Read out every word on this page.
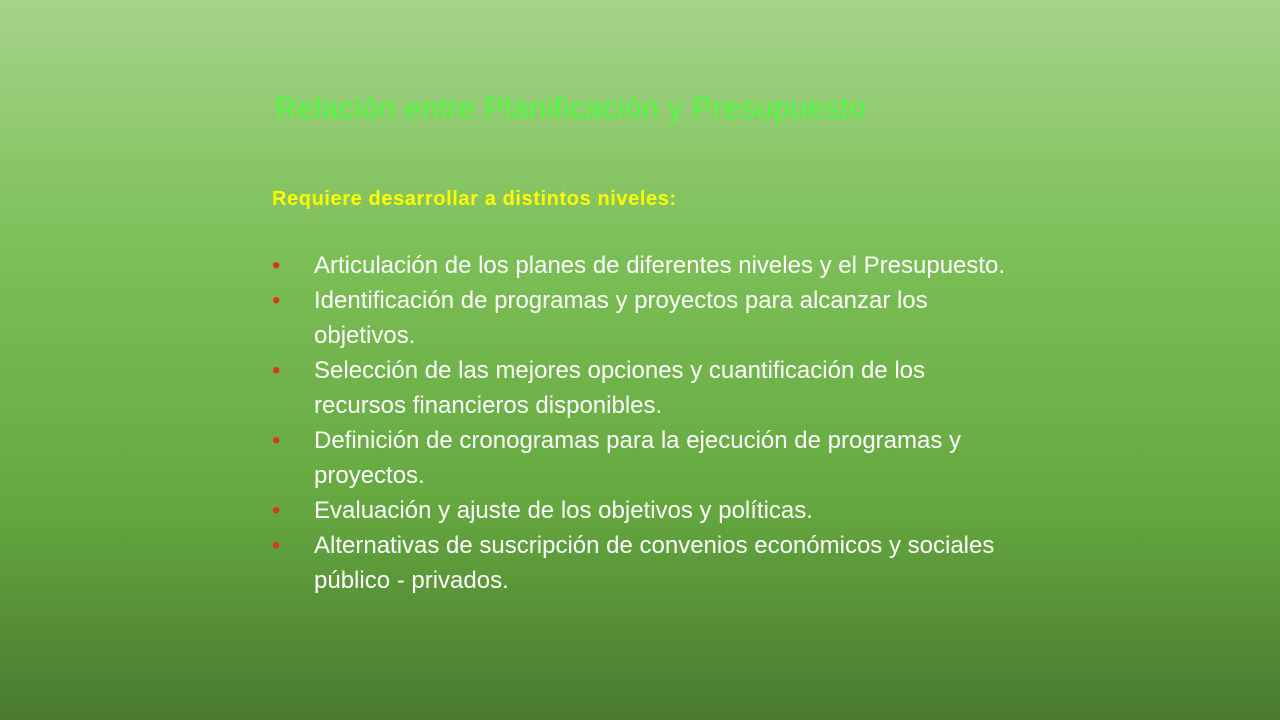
Relación entre Planificación y Presupuesto
Requiere desarrollar a distintos niveles:
• Articulación de los planes de diferentes niveles y el Presupuesto.
• Identificación de programas y proyectos para alcanzar los objetivos.
• Selección de las mejores opciones y cuantificación de los recursos financieros disponibles.
• Definición de cronogramas para la ejecución de programas y proyectos.
• Evaluación y ajuste de los objetivos y políticas.
• Alternativas de suscripción de convenios económicos y sociales público - privados.
